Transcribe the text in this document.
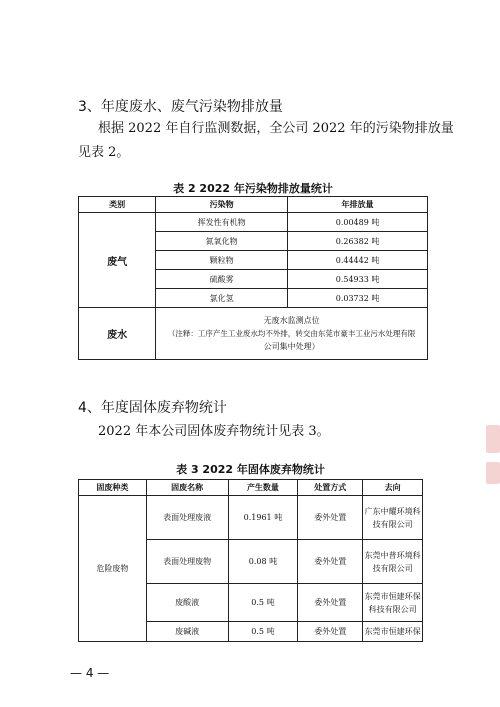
3、年度废水、废气污染物排放量
根据 2022 年自行监测数据，全公司 2022 年的污染物排放量
见表 2。
表 2 2022 年污染物排放量统计
类别	污染物	年排放量
废气	挥发性有机物	0.00489 吨
	氮氧化物	0.26382 吨
	颗粒物	0.44442 吨
	硫酸雾	0.54933 吨
	氯化氢	0.03732 吨
废水	无废水监测点位
（注释：工序产生工业废水均不外排，转交由东莞市豪丰工业污水处理有限
公司集中处理）	
4、年度固体废弃物统计
2022 年本公司固体废弃物统计见表 3。
表 3 2022 年固体废弃物统计
固废种类	固废名称	产生数量	处置方式	去向
危险废物	表面处理废液	0.1961 吨	委外处置	广东中耀环境科
技有限公司

	表面处理废物	0.08 吨	委外处置	东莞中普环境科
技有限公司

	废酸液	0.5 吨	委外处置	东莞市恒建环保
科技有限公司

	废碱液	0.5 吨	委外处置	东莞市恒建环保
— 4 —
